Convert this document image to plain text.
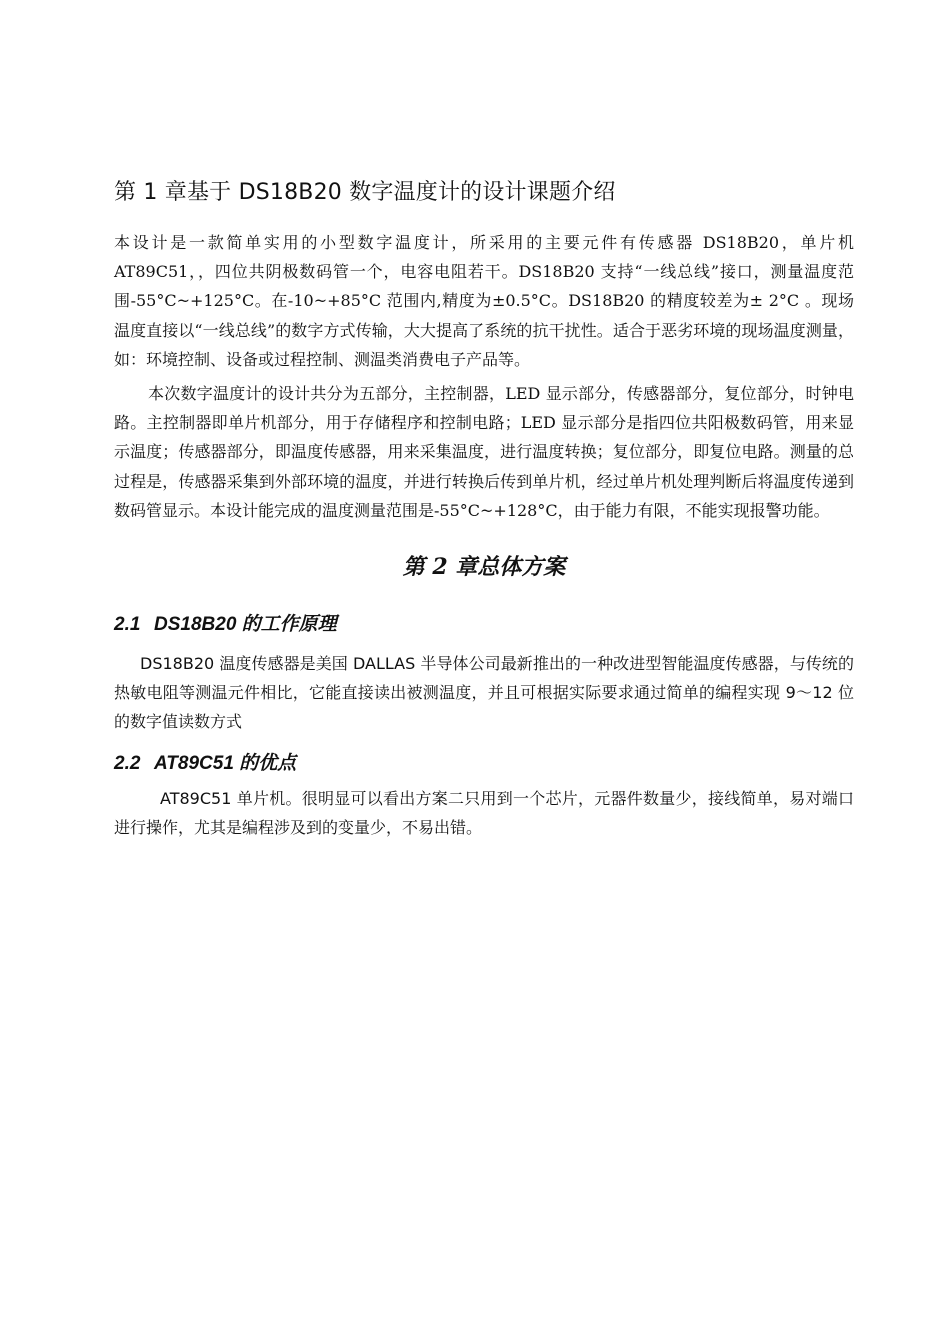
第 1 章基于 DS18B20 数字温度计的设计课题介绍

本设计是一款简单实用的小型数字温度计，所采用的主要元件有传感器 DS18B20，单片机 AT89C51，，四位共阴极数码管一个，电容电阻若干。DS18B20 支持“一线总线”接口，测量温度范围-55°C~+125°C。在-10~+85°C 范围内,精度为±0.5°C。DS18B20 的精度较差为± 2°C 。现场温度直接以“一线总线”的数字方式传输，大大提高了系统的抗干扰性。适合于恶劣环境的现场温度测量，如：环境控制、设备或过程控制、测温类消费电子产品等。

本次数字温度计的设计共分为五部分，主控制器，LED 显示部分，传感器部分，复位部分，时钟电路。主控制器即单片机部分，用于存储程序和控制电路；LED 显示部分是指四位共阳极数码管，用来显示温度；传感器部分，即温度传感器，用来采集温度，进行温度转换；复位部分，即复位电路。测量的总过程是，传感器采集到外部环境的温度，并进行转换后传到单片机，经过单片机处理判断后将温度传递到数码管显示。本设计能完成的温度测量范围是-55°C~+128°C，由于能力有限，不能实现报警功能。

第 2 章总体方案
2.1 DS18B20 的工作原理

DS18B20 温度传感器是美国 DALLAS 半导体公司最新推出的一种改进型智能温度传感器，与传统的热敏电阻等测温元件相比，它能直接读出被测温度，并且可根据实际要求通过简单的编程实现 9～12 位的数字值读数方式

2.2 AT89C51 的优点

AT89C51 单片机。很明显可以看出方案二只用到一个芯片，元器件数量少，接线简单，易对端口进行操作，尤其是编程涉及到的变量少，不易出错。
